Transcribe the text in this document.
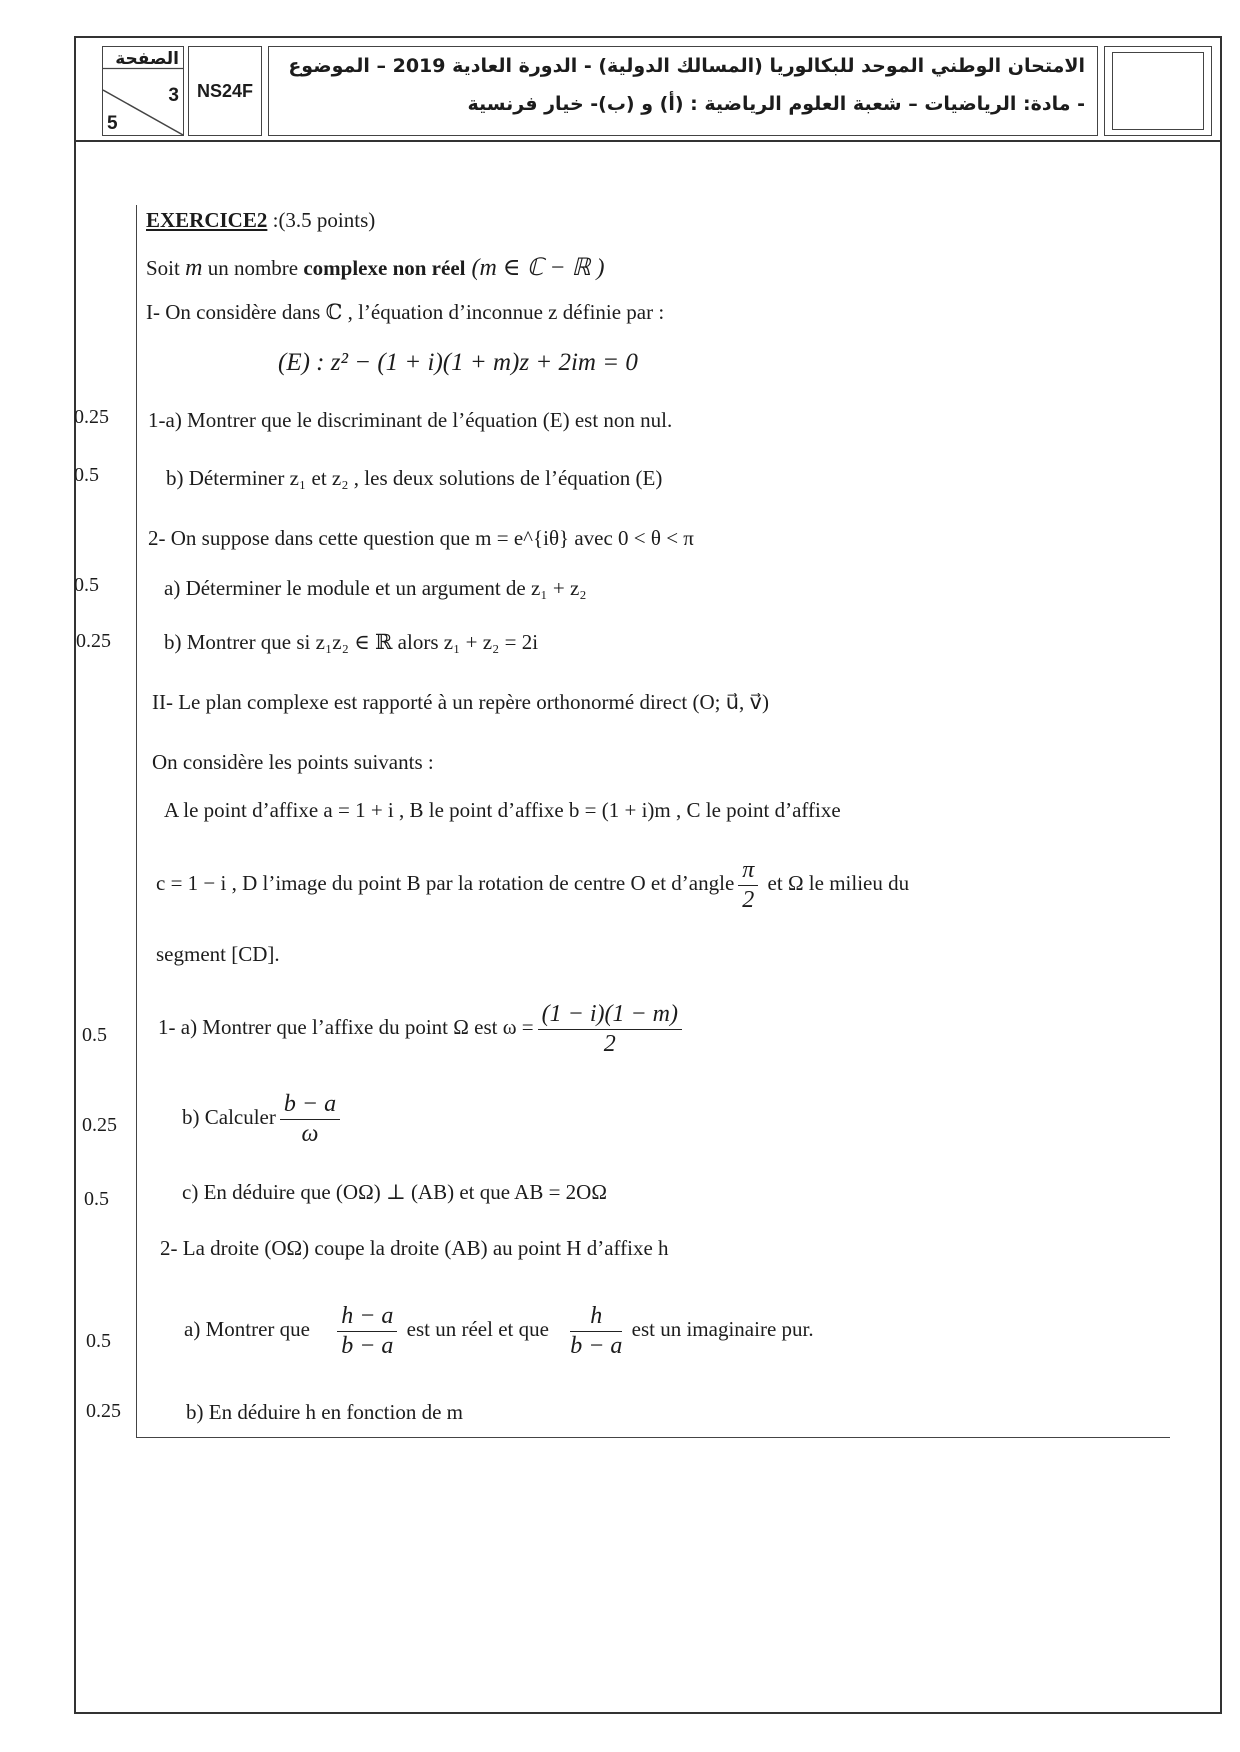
الصفحة
3
5
NS24F
الامتحان الوطني الموحد للبكالوريا (المسالك الدولية) - الدورة العادية 2019 – الموضوع
- مادة: الرياضيات – شعبة العلوم الرياضية : (أ) و (ب)- خيار فرنسية
0.25
0.5
0.5
0.25
0.5
0.25
0.5
0.5
0.25
EXERCICE2 :(3.5 points)
Soit m un nombre complexe non réel (m ∈ ℂ − ℝ )
I- On considère dans ℂ , l’équation d’inconnue z définie par :
(E) : z² − (1 + i)(1 + m)z + 2im = 0
1-a) Montrer que le discriminant de l’équation (E) est non nul.
b) Déterminer z₁ et z₂ , les deux solutions de l’équation (E)
2- On suppose dans cette question que m = e^{iθ} avec 0 < θ < π
a) Déterminer le module et un argument de z₁ + z₂
b) Montrer que si z₁z₂ ∈ ℝ alors z₁ + z₂ = 2i
II- Le plan complexe est rapporté à un repère orthonormé direct (O; u⃗, v⃗)
On considère les points suivants :
A le point d’affixe a = 1 + i , B le point d’affixe b = (1 + i)m , C le point d’affixe
c = 1 − i , D l’image du point B par la rotation de centre O et d’angle $\frac{\pi}{2}$ et Ω le milieu du
segment [CD].
1- a) Montrer que l’affixe du point Ω est $\omega = \frac{(1 - i)(1 - m)}{2}$
b) Calculer $\frac{b - a}{\omega}$
c) En déduire que (OΩ) ⊥ (AB) et que AB = 2OΩ
2- La droite (OΩ) coupe la droite (AB) au point H d’affixe h
a) Montrer que $\frac{h - a}{b - a}$ est un réel et que $\frac{h}{b - a}$ est un imaginaire pur.
b) En déduire h en fonction de m
